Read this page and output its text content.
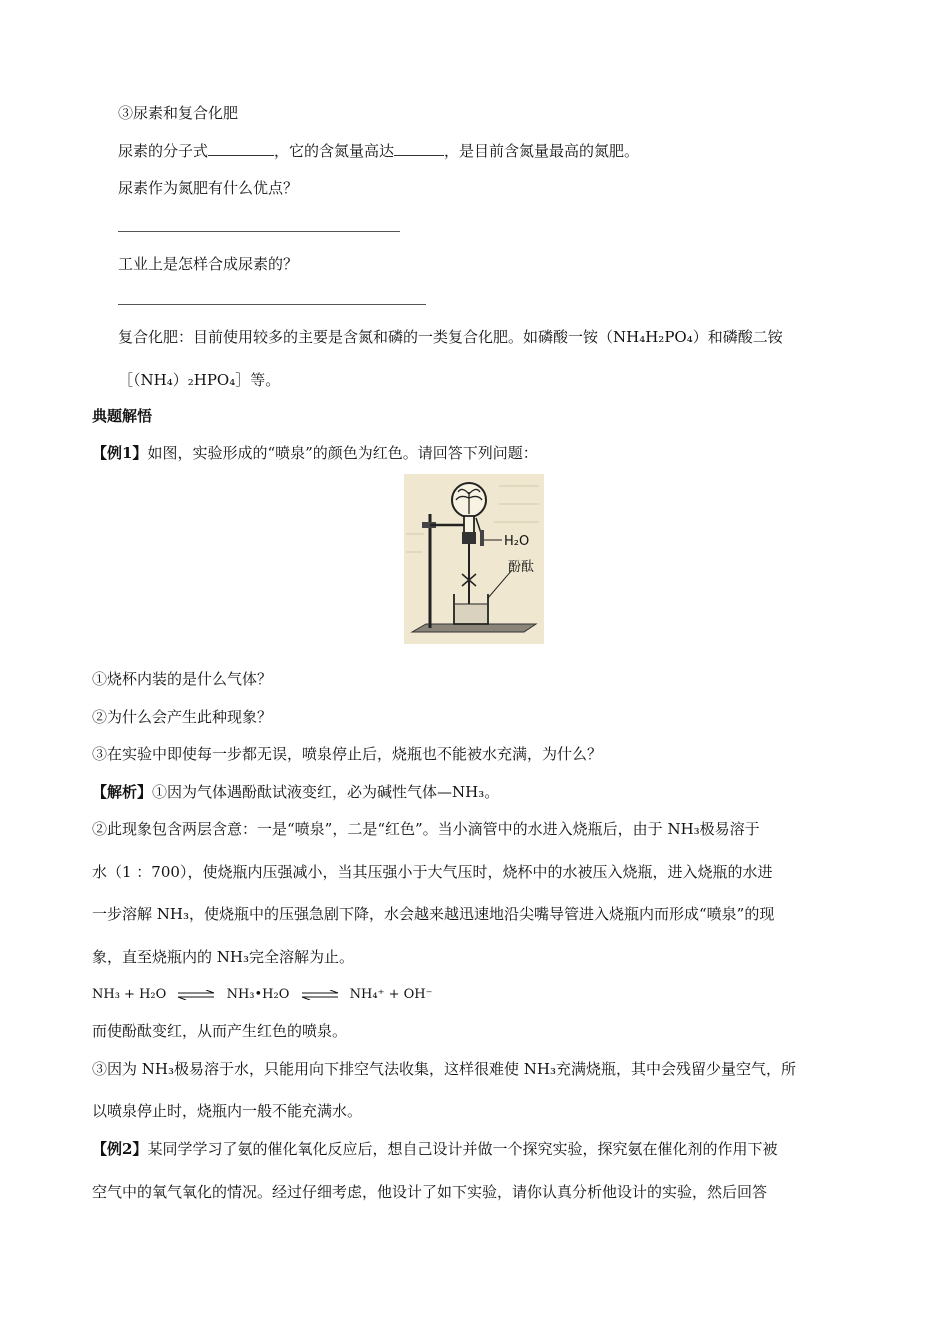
③尿素和复合化肥
尿素的分子式	，它的含氮量高达	，是目前含氮量最高的氮肥。
尿素作为氮肥有什么优点？
工业上是怎样合成尿素的？
复合化肥：目前使用较多的主要是含氮和磷的一类复合化肥。如磷酸一铵（NH₄H₂PO₄）和磷酸二铵
［（NH₄）₂HPO₄］等。
典题解悟
【例1】如图，实验形成的“喷泉”的颜色为红色。请回答下列问题：
H₂O
酚酞
①烧杯内装的是什么气体？
②为什么会产生此种现象？
③在实验中即使每一步都无误，喷泉停止后，烧瓶也不能被水充满，为什么？
【解析】①因为气体遇酚酞试液变红，必为碱性气体—NH₃。
②此现象包含两层含意：一是“喷泉”，二是“红色”。当小滴管中的水进入烧瓶后，由于 NH₃极易溶于
水（1 ：700），使烧瓶内压强减小，当其压强小于大气压时，烧杯中的水被压入烧瓶，进入烧瓶的水进
一步溶解 NH₃，使烧瓶中的压强急剧下降，水会越来越迅速地沿尖嘴导管进入烧瓶内而形成“喷泉”的现
象，直至烧瓶内的 NH₃完全溶解为止。
NH₃ + H₂O ⇌ NH₃•H₂O ⇌ NH₄⁺ + OH⁻
而使酚酞变红，从而产生红色的喷泉。
③因为 NH₃极易溶于水，只能用向下排空气法收集，这样很难使 NH₃充满烧瓶，其中会残留少量空气，所
以喷泉停止时，烧瓶内一般不能充满水。
【例2】某同学学习了氨的催化氧化反应后，想自己设计并做一个探究实验，探究氨在催化剂的作用下被
空气中的氧气氧化的情况。经过仔细考虑，他设计了如下实验，请你认真分析他设计的实验，然后回答
